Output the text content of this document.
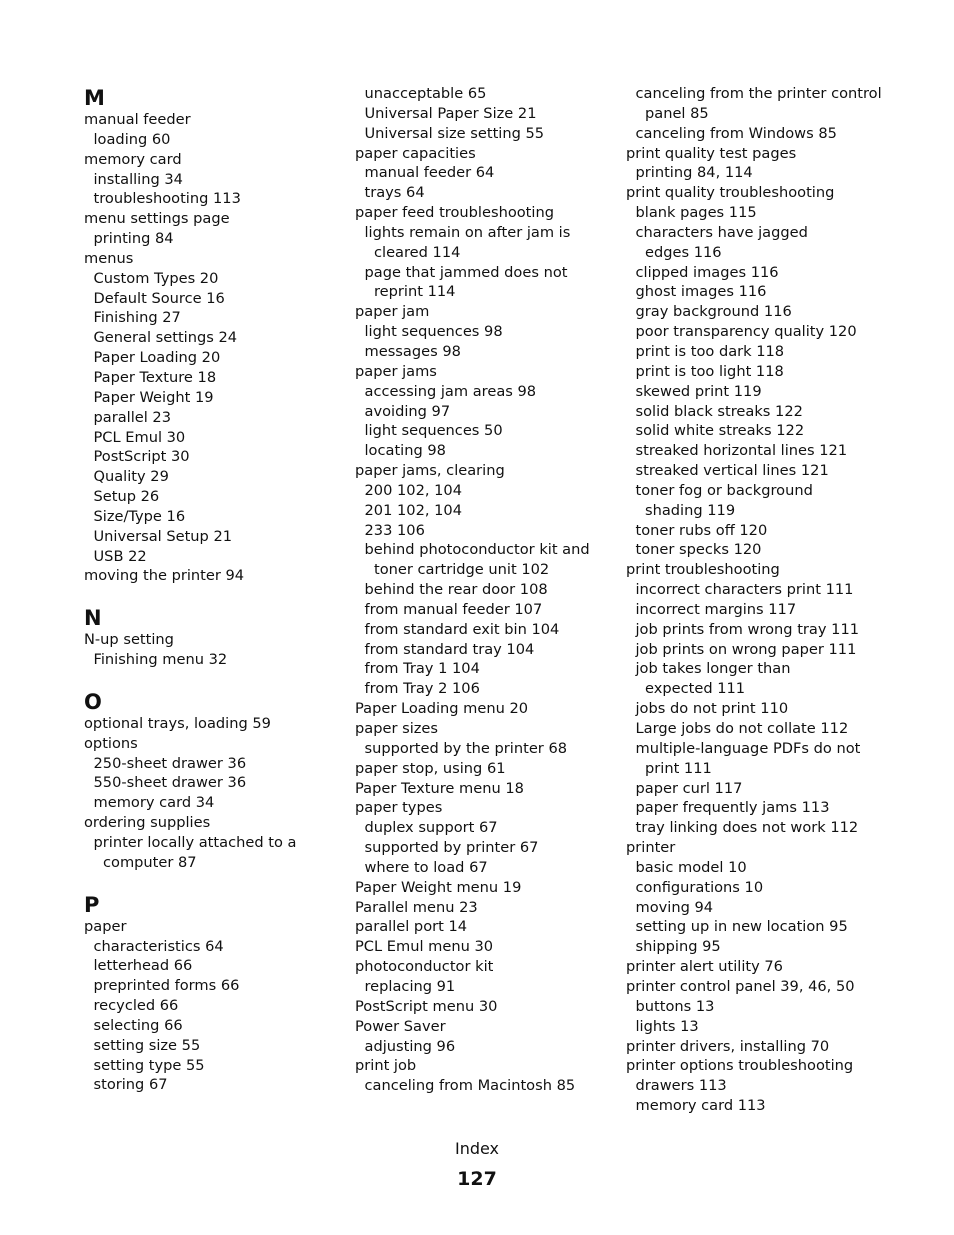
M
manual feeder
loading 60
memory card
installing 34
troubleshooting 113
menu settings page
printing 84
menus
Custom Types 20
Default Source 16
Finishing 27
General settings 24
Paper Loading 20
Paper Texture 18
Paper Weight 19
parallel 23
PCL Emul 30
PostScript 30
Quality 29
Setup 26
Size/Type 16
Universal Setup 21
USB 22
moving the printer 94
N
N-up setting
Finishing menu 32
O
optional trays, loading 59
options
250-sheet drawer 36
550-sheet drawer 36
memory card 34
ordering supplies
printer locally attached to a
computer 87
P
paper
characteristics 64
letterhead 66
preprinted forms 66
recycled 66
selecting 66
setting size 55
setting type 55
storing 67
unacceptable 65
Universal Paper Size 21
Universal size setting 55
paper capacities
manual feeder 64
trays 64
paper feed troubleshooting
lights remain on after jam is
cleared 114
page that jammed does not
reprint 114
paper jam
light sequences 98
messages 98
paper jams
accessing jam areas 98
avoiding 97
light sequences 50
locating 98
paper jams, clearing
200 102, 104
201 102, 104
233 106
behind photoconductor kit and
toner cartridge unit 102
behind the rear door 108
from manual feeder 107
from standard exit bin 104
from standard tray 104
from Tray 1 104
from Tray 2 106
Paper Loading menu 20
paper sizes
supported by the printer 68
paper stop, using 61
Paper Texture menu 18
paper types
duplex support 67
supported by printer 67
where to load 67
Paper Weight menu 19
Parallel menu 23
parallel port 14
PCL Emul menu 30
photoconductor kit
replacing 91
PostScript menu 30
Power Saver
adjusting 96
print job
canceling from Macintosh 85
canceling from the printer control
panel 85
canceling from Windows 85
print quality test pages
printing 84, 114
print quality troubleshooting
blank pages 115
characters have jagged
edges 116
clipped images 116
ghost images 116
gray background 116
poor transparency quality 120
print is too dark 118
print is too light 118
skewed print 119
solid black streaks 122
solid white streaks 122
streaked horizontal lines 121
streaked vertical lines 121
toner fog or background
shading 119
toner rubs off 120
toner specks 120
print troubleshooting
incorrect characters print 111
incorrect margins 117
job prints from wrong tray 111
job prints on wrong paper 111
job takes longer than
expected 111
jobs do not print 110
Large jobs do not collate 112
multiple-language PDFs do not
print 111
paper curl 117
paper frequently jams 113
tray linking does not work 112
printer
basic model 10
configurations 10
moving 94
setting up in new location 95
shipping 95
printer alert utility 76
printer control panel 39, 46, 50
buttons 13
lights 13
printer drivers, installing 70
printer options troubleshooting
drawers 113
memory card 113
Index
127
